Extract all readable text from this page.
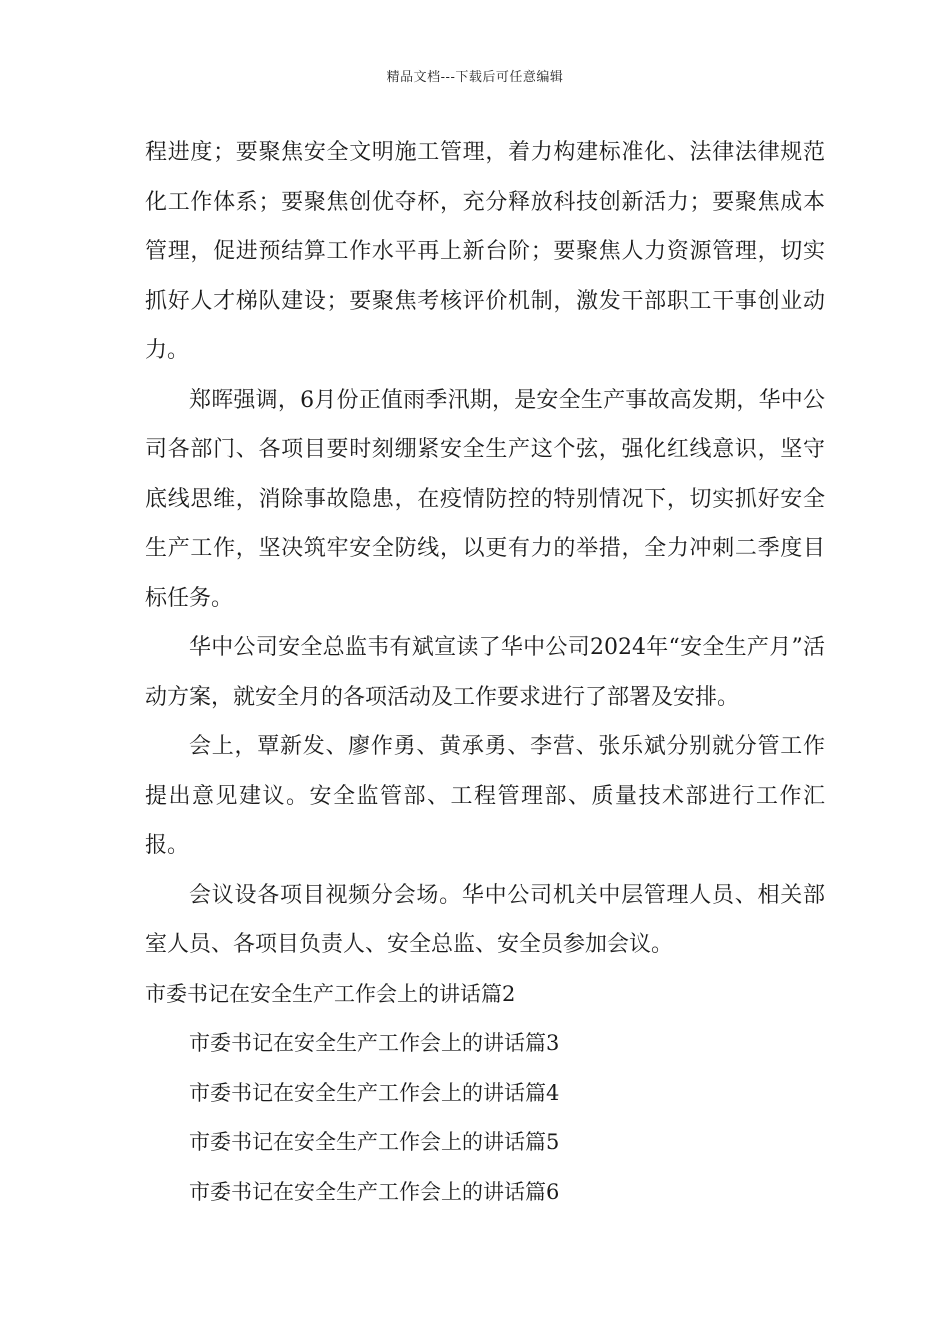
精品文档---下载后可任意编辑

程进度；要聚焦安全文明施工管理，着力构建标准化、法律法律规范化工作体系；要聚焦创优夺杯，充分释放科技创新活力；要聚焦成本管理，促进预结算工作水平再上新台阶；要聚焦人力资源管理，切实抓好人才梯队建设；要聚焦考核评价机制，激发干部职工干事创业动力。

郑晖强调，6月份正值雨季汛期，是安全生产事故高发期，华中公司各部门、各项目要时刻绷紧安全生产这个弦，强化红线意识，坚守底线思维，消除事故隐患，在疫情防控的特别情况下，切实抓好安全生产工作，坚决筑牢安全防线，以更有力的举措，全力冲刺二季度目标任务。

华中公司安全总监韦有斌宣读了华中公司2024年“安全生产月”活动方案，就安全月的各项活动及工作要求进行了部署及安排。

会上，覃新发、廖作勇、黄承勇、李营、张乐斌分别就分管工作提出意见建议。安全监管部、工程管理部、质量技术部进行工作汇报。

会议设各项目视频分会场。华中公司机关中层管理人员、相关部室人员、各项目负责人、安全总监、安全员参加会议。

市委书记在安全生产工作会上的讲话篇2

市委书记在安全生产工作会上的讲话篇3

市委书记在安全生产工作会上的讲话篇4

市委书记在安全生产工作会上的讲话篇5

市委书记在安全生产工作会上的讲话篇6
